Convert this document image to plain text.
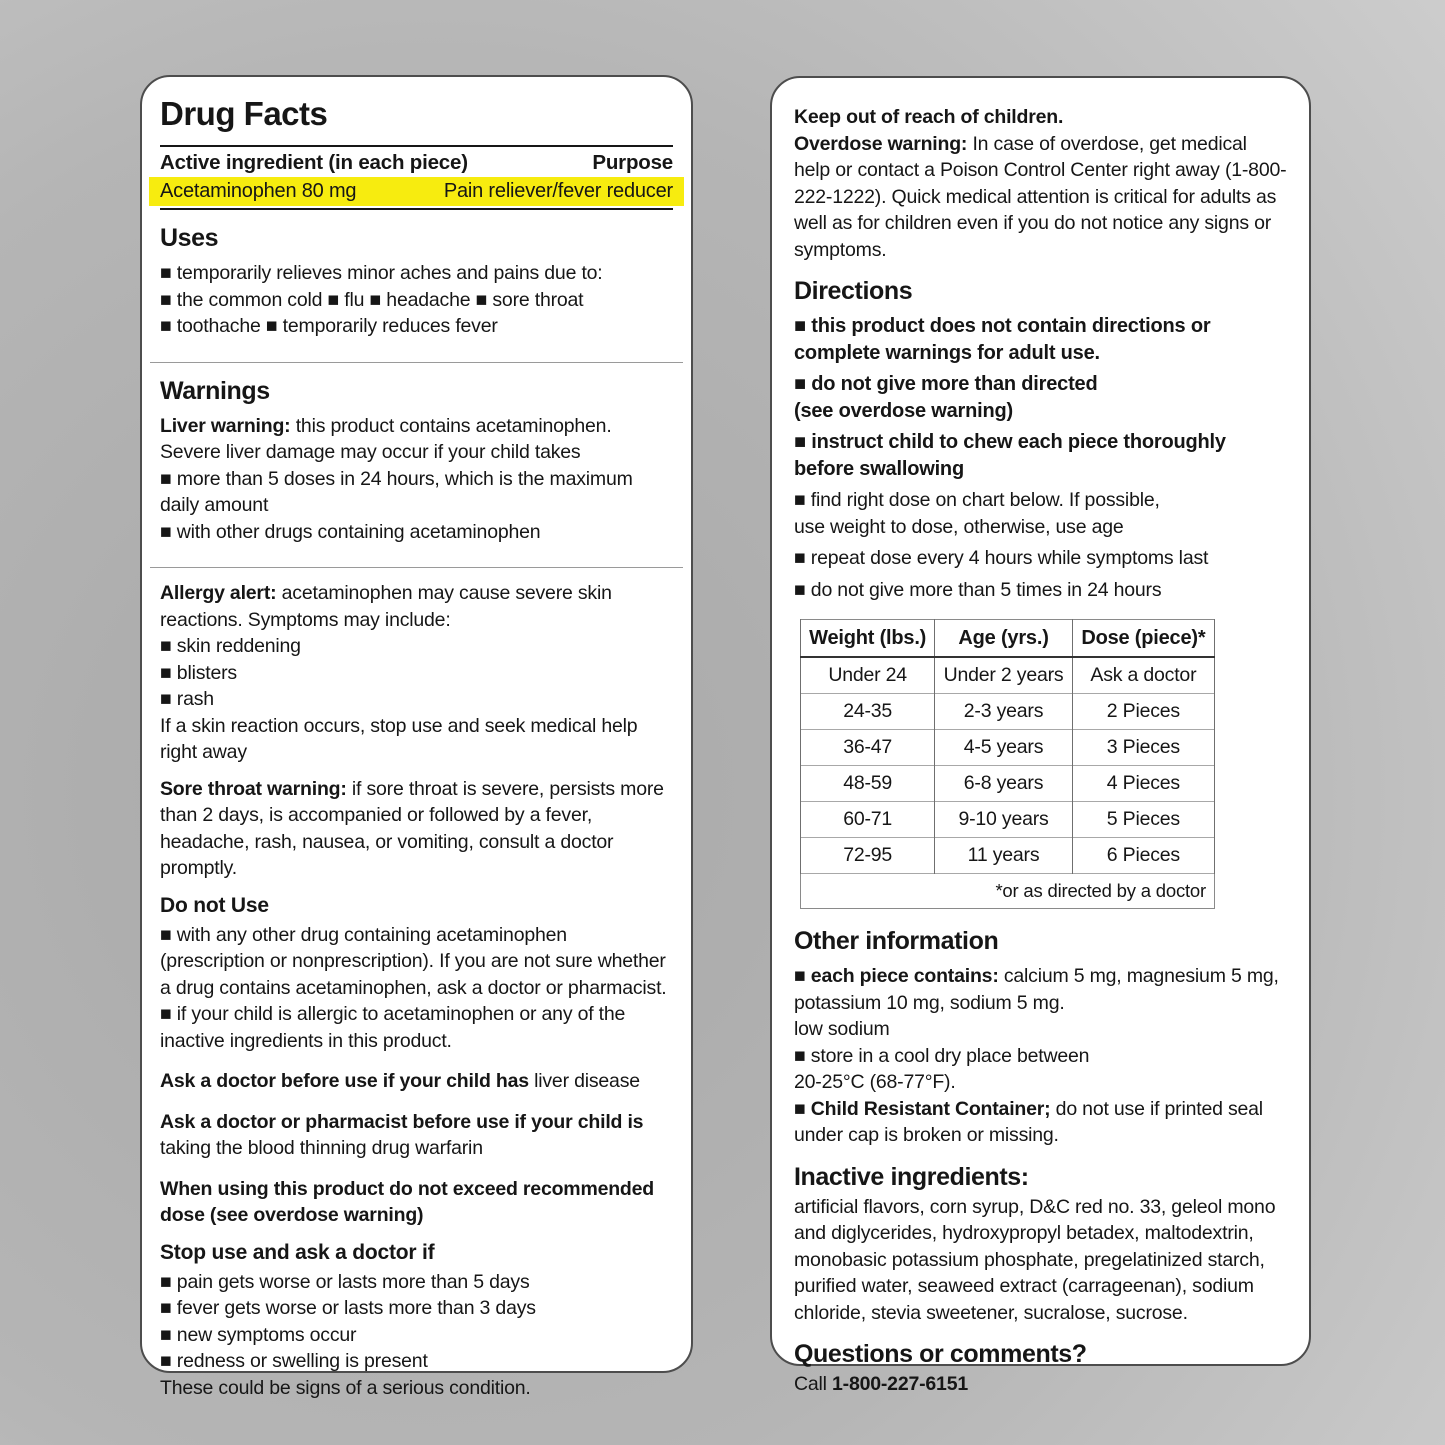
Drug Facts
Active ingredient (in each piece)	Purpose
Acetaminophen 80 mg	Pain reliever/fever reducer
Uses

■ temporarily relieves minor aches and pains due to:
■ the common cold ■ flu ■ headache ■ sore throat
■ toothache ■ temporarily reduces fever

Warnings

Liver warning: this product contains acetaminophen. Severe liver damage may occur if your child takes

■ more than 5 doses in 24 hours, which is the maximum daily amount

■ with other drugs containing acetaminophen

Allergy alert: acetaminophen may cause severe skin reactions. Symptoms may include:

■ skin reddening
■ blisters
■ rash

If a skin reaction occurs, stop use and seek medical help right away

Sore throat warning: if sore throat is severe, persists more than 2 days, is accompanied or followed by a fever, headache, rash, nausea, or vomiting, consult a doctor promptly.

Do not Use

■ with any other drug containing acetaminophen (prescription or nonprescription). If you are not sure whether a drug contains acetaminophen, ask a doctor or pharmacist.

■ if your child is allergic to acetaminophen or any of the inactive ingredients in this product.

Ask a doctor before use if your child has liver disease

Ask a doctor or pharmacist before use if your child is taking the blood thinning drug warfarin

When using this product do not exceed recommended dose (see overdose warning)

Stop use and ask a doctor if

■ pain gets worse or lasts more than 5 days
■ fever gets worse or lasts more than 3 days
■ new symptoms occur
■ redness or swelling is present

These could be signs of a serious condition.

Keep out of reach of children.

Overdose warning: In case of overdose, get medical help or contact a Poison Control Center right away (1-800-222-1222). Quick medical attention is critical for adults as well as for children even if you do not notice any signs or symptoms.

Directions

■ this product does not contain directions or complete warnings for adult use.

■ do not give more than directed
(see overdose warning)

■ instruct child to chew each piece thoroughly before swallowing

■ find right dose on chart below. If possible,
use weight to dose, otherwise, use age

■ repeat dose every 4 hours while symptoms last

■ do not give more than 5 times in 24 hours

Weight (lbs.)	Age (yrs.)	Dose (piece)*
Under 24	Under 2 years	Ask a doctor
24-35	2-3 years	2 Pieces
36-47	4-5 years	3 Pieces
48-59	6-8 years	4 Pieces
60-71	9-10 years	5 Pieces
72-95	11 years	6 Pieces
*or as directed by a doctor		
Other information

■ each piece contains: calcium 5 mg, magnesium 5 mg, potassium 10 mg, sodium 5 mg.
low sodium

■ store in a cool dry place between
20-25°C (68-77°F).

■ Child Resistant Container; do not use if printed seal under cap is broken or missing.

Inactive ingredients:

artificial flavors, corn syrup, D&C red no. 33, geleol mono and diglycerides, hydroxypropyl betadex, maltodextrin, monobasic potassium phosphate, pregelatinized starch, purified water, seaweed extract (carrageenan), sodium chloride, stevia sweetener, sucralose, sucrose.

Questions or comments?

Call 1-800-227-6151
